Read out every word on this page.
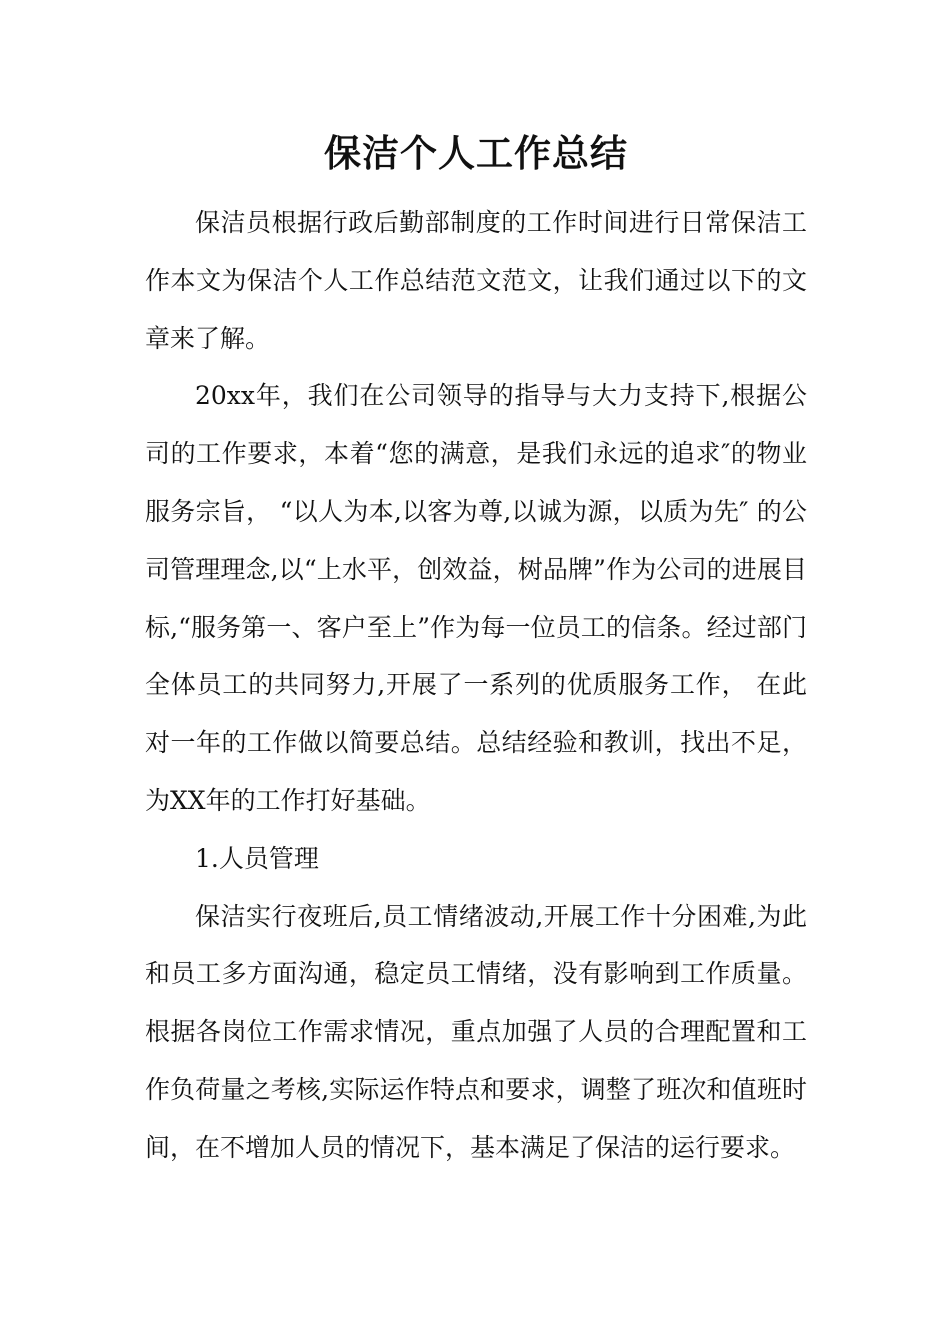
保洁个人工作总结

保洁员根据行政后勤部制度的工作时间进行日常保洁工作本文为保洁个人工作总结范文范文，让我们通过以下的文章来了解。

20xx年，我们在公司领导的指导与大力支持下,根据公司的工作要求，本着“您的满意，是我们永远的追求″的物业服务宗旨， “以人为本,以客为尊,以诚为源，以质为先″ 的公司管理理念,以“上水平，创效益，树品牌”作为公司的进展目标,“服务第一、客户至上”作为每一位员工的信条。经过部门全体员工的共同努力,开展了一系列的优质服务工作， 在此对一年的工作做以简要总结。总结经验和教训，找出不足，为XX年的工作打好基础。

1.人员管理

保洁实行夜班后,员工情绪波动,开展工作十分困难,为此和员工多方面沟通，稳定员工情绪，没有影响到工作质量。根据各岗位工作需求情况，重点加强了人员的合理配置和工作负荷量之考核,实际运作特点和要求，调整了班次和值班时间，在不增加人员的情况下，基本满足了保洁的运行要求。
